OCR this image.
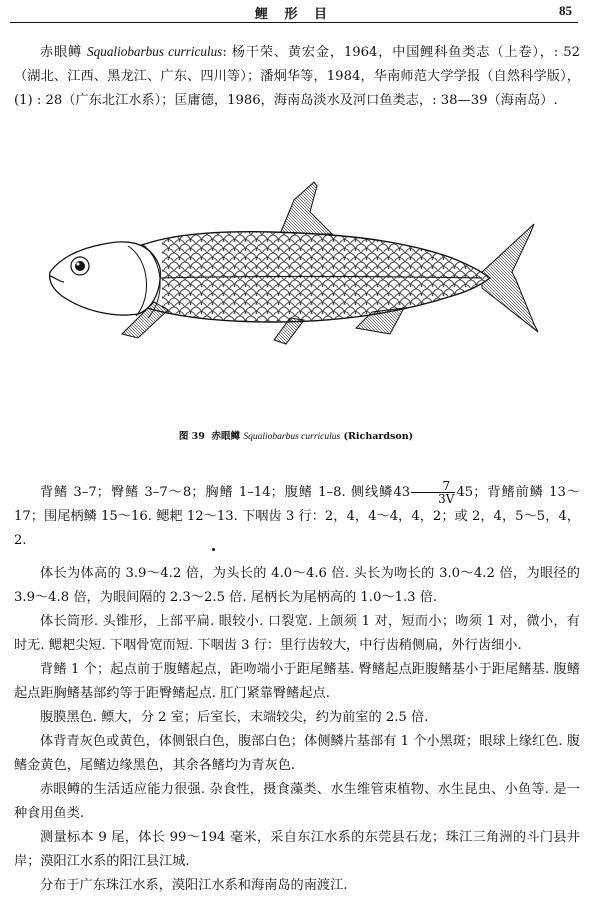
鲤 形 目	85

赤眼鳟 Squaliobarbus curriculus: 杨干荣、黄宏金，1964，中国鲤科鱼类志（上卷），: 52（湖北、江西、黑龙江、广东、四川等）；潘炯华等，1984，华南师范大学学报（自然科学版），(1) : 28（广东北江水系）；匡庸德，1986，海南岛淡水及河口鱼类志，: 38—39（海南岛）.

图 39 赤眼鳟 Squaliobarbus curriculus (Richardson)

背鳍 3–7；臀鳍 3–7～8；胸鳍 1–14；腹鳍 1–8. 侧线鳞$43 \frac{7}{3V} 45$；背鳍前鳞 13～17；围尾柄鳞 15～16. 鳃耙 12～13. 下咽齿 3 行：2，4，4～4，4，2；或 2，4，5～5，4，2.

体长为体高的 3.9～4.2 倍，为头长的 4.0～4.6 倍. 头长为吻长的 3.0～4.2 倍，为眼径的 3.9～4.8 倍，为眼间隔的 2.3～2.5 倍. 尾柄长为尾柄高的 1.0～1.3 倍.

体长筒形. 头锥形，上部平扁. 眼较小. 口裂宽. 上颌须 1 对，短而小；吻须 1 对，微小，有时无. 鳃耙尖短. 下咽骨宽而短. 下咽齿 3 行：里行齿较大，中行齿稍侧扁，外行齿细小.

背鳍 1 个；起点前于腹鳍起点，距吻端小于距尾鳍基. 臀鳍起点距腹鳍基小于距尾鳍基. 腹鳍起点距胸鳍基部约等于距臀鳍起点. 肛门紧靠臀鳍起点.

腹膜黑色. 鳔大，分 2 室；后室长，末端较尖，约为前室的 2.5 倍.

体背青灰色或黄色，体侧银白色，腹部白色；体侧鳞片基部有 1 个小黑斑；眼球上缘红色. 腹鳍金黄色，尾鳍边缘黑色，其余各鳍均为青灰色.

赤眼鳟的生活适应能力很强. 杂食性，摄食藻类、水生维管束植物、水生昆虫、小鱼等. 是一种食用鱼类.

测量标本 9 尾，体长 99～194 毫米，采自东江水系的东莞县石龙；珠江三角洲的斗门县井岸；漠阳江水系的阳江县江城.

分布于广东珠江水系，漠阳江水系和海南岛的南渡江.
